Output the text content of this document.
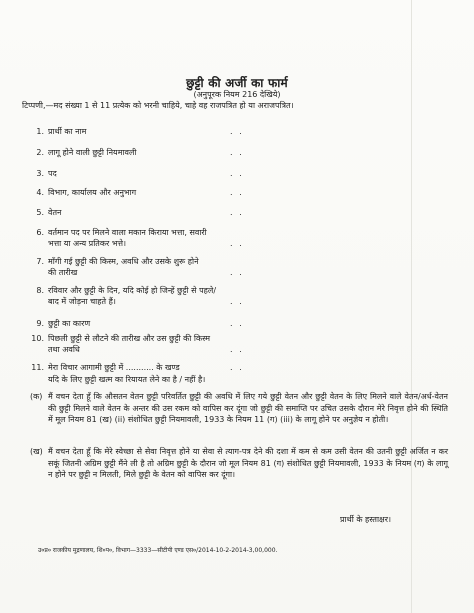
छुट्टी की अर्जी का फार्म
(अनुपूरक नियम 216 देखिये)
टिप्पणी,—मद संख्या 1 से 11 प्रत्येक को भरनी चाहिये, चाहे वह राजपत्रित हो या अराजपत्रित।
1. प्रार्थी का नाम	. .
2. लागू होने वाली छुट्टी नियमावली	. .
3. पद	. .
4. विभाग, कार्यालय और अनुभाग	. .
5. वेतन	. .
6. वर्तमान पद पर मिलने वाला मकान किराया भत्ता, सवारी भत्ता या अन्य प्रतिकर भत्ते।	. .
7. माँगी गई छुट्टी की किस्म, अवधि और उसके शुरू होने की तारीख	. .
8. रविवार और छुट्टी के दिन, यदि कोई हो जिन्हें छुट्टी से पहले/बाद में जोड़ना चाहते हैं।	. .
9. छुट्टी का कारण	. .
10. पिछली छुट्टी से लौटने की तारीख और उस छुट्टी की किस्म तथा अवधि	. .
11. मेरा विचार आगामी छुट्टी में ........... के खण्ड	. .
यदि के लिए छुट्टी खत्म का रियायत लेने का है / नहीं है।
(क) मैं वचन देता हूँ कि औसतन वेतन छुट्टी परिवर्तित छुट्टी की अवधि में लिए गये छुट्टी वेतन और छुट्टी वेतन के लिए मिलने वाले वेतन/अर्ध-वेतन की छुट्टी मिलने वाले वेतन के अन्तर की उस रकम को वापिस कर दूंगा जो छुट्टी की समाप्ति पर उचित उसके दौरान मेरे निवृत्त होने की स्थिति में मूल नियम 81 (ख) (ii) संशोधित छुट्टी नियमावली, 1933 के नियम 11 (ग) (iii) के लागू होने पर अनुज्ञेय न होती।
(ख) मैं वचन देता हूँ कि मेरे स्वेच्छा से सेवा निवृत्त होने या सेवा से त्याग-पत्र देने की दशा में कम से कम उसी वेतन की उतनी छुट्टी अर्जित न कर सकूं जितनी अग्रिम छुट्टी मैंने ली है तो अग्रिम छुट्टी के दौरान जो मूल नियम 81 (ग) संशोधित छुट्टी नियमावली, 1933 के नियम (ग) के लागू न होने पर छुट्टी न मिलती, मिले छुट्टी के वेतन को वापिस कर दूंगा।
प्रार्थी के हस्ताक्षर।
उ०प्र० राजकीय मुद्रणालय, शि०प०, विभाग—3333—सीटीपी एण्ड एस०/2014-10-2-2014-3,00,000.
